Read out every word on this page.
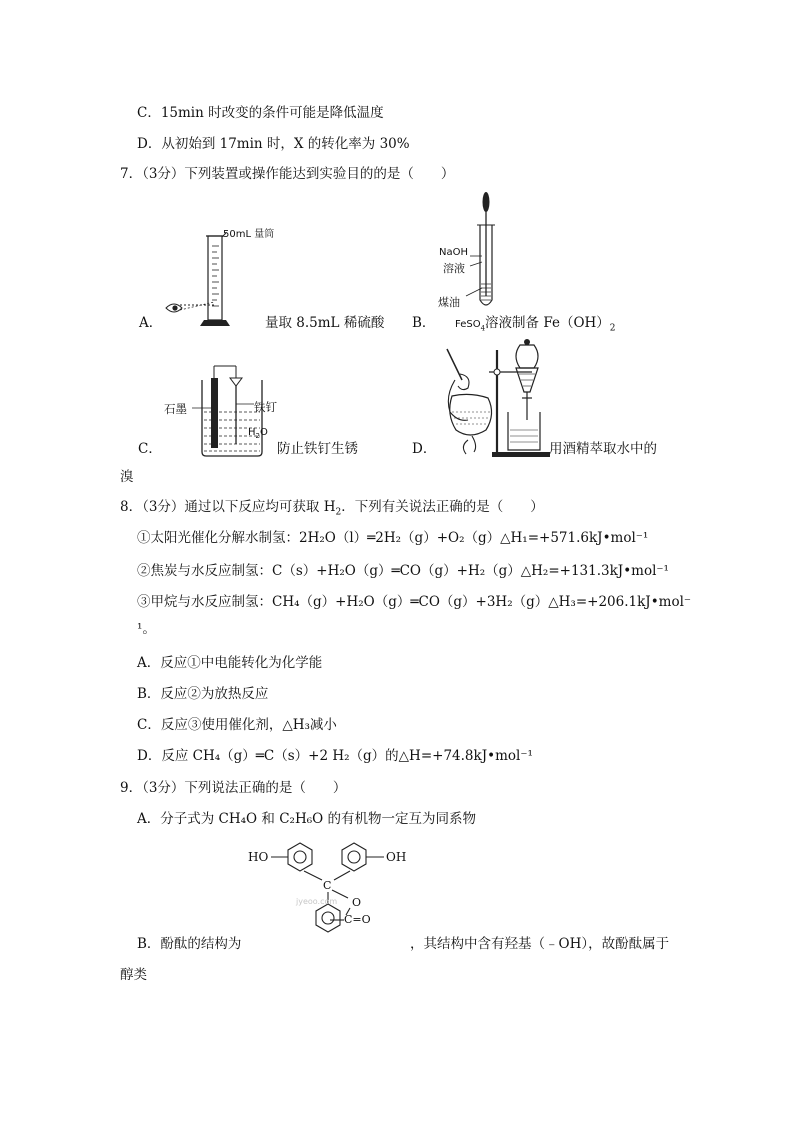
C．15min 时改变的条件可能是降低温度
D．从初始到 17min 时，X 的转化率为 30%
7．（3分）下列装置或操作能达到实验目的的是（　　）
50mL 量筒
A．	量取 8.5mL 稀硫酸
NaOH
溶液
煤油
B． FeSO$_4$溶液制备 $Fe(OH)_2$
石墨	铁钉
$H_2O$
C．	防止铁钉生锈	D．	用酒精萃取水中的
溴
8．（3分）通过以下反应均可获取 $H_2$．下列有关说法正确的是（　　）
①太阳光催化分解水制氢：2H₂O（l）═2H₂（g）+O₂（g）△H₁=+571.6kJ•mol⁻¹
②焦炭与水反应制氢：C（s）+H₂O（g）═CO（g）+H₂（g）△H₂=+131.3kJ•mol⁻¹
③甲烷与水反应制氢：CH₄（g）+H₂O（g）═CO（g）+3H₂（g）△H₃=+206.1kJ•mol⁻
¹。
A．反应①中电能转化为化学能
B．反应②为放热反应
C．反应③使用催化剂，△H₃减小
D．反应 CH₄（g）═C（s）+2 H₂（g）的△H=+74.8kJ•mol⁻¹
9．（3分）下列说法正确的是（　　）
A．分子式为 CH₄O 和 C₂H₆O 的有机物一定互为同系物
jyeoo.com
HO	OH
C
O
C=O
B．酚酞的结构为	，其结构中含有羟基（﹣OH），故酚酞属于
醇类
